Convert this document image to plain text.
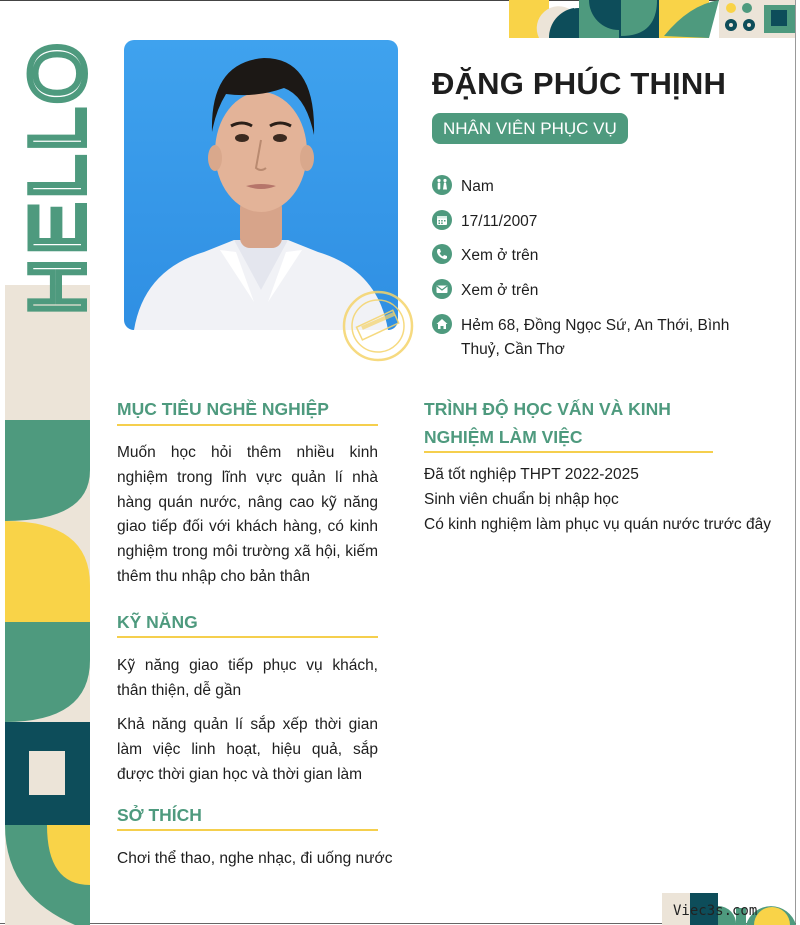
HELLO	ĐẶNG PHÚC THỊNH
NHÂN VIÊN PHỤC VỤ
Nam
17/11/2007
Xem ở trên
Xem ở trên
Hẻm 68, Đồng Ngọc Sứ, An Thới, Bình
Thuỷ, Cần Thơ
MỤC TIÊU NGHỀ NGHIỆP

Muốn học hỏi thêm nhiều kinh nghiệm trong lĩnh vực quản lí nhà hàng quán nước, nâng cao kỹ năng giao tiếp đối với khách hàng, có kinh nghiệm trong môi trường xã hội, kiếm thêm thu nhập cho bản thân

KỸ NĂNG

Kỹ năng giao tiếp phục vụ khách, thân thiện, dễ gần

Khả năng quản lí sắp xếp thời gian làm việc linh hoạt, hiệu quả, sắp được thời gian học và thời gian làm

SỞ THÍCH

Chơi thể thao, nghe nhạc, đi uống nước

TRÌNH ĐỘ HỌC VẤN VÀ KINH
NGHIỆM LÀM VIỆC
Đã tốt nghiệp THPT 2022-2025
Sinh viên chuẩn bị nhập học
Có kinh nghiệm làm phục vụ quán nước trước đây
Viec3s.com
